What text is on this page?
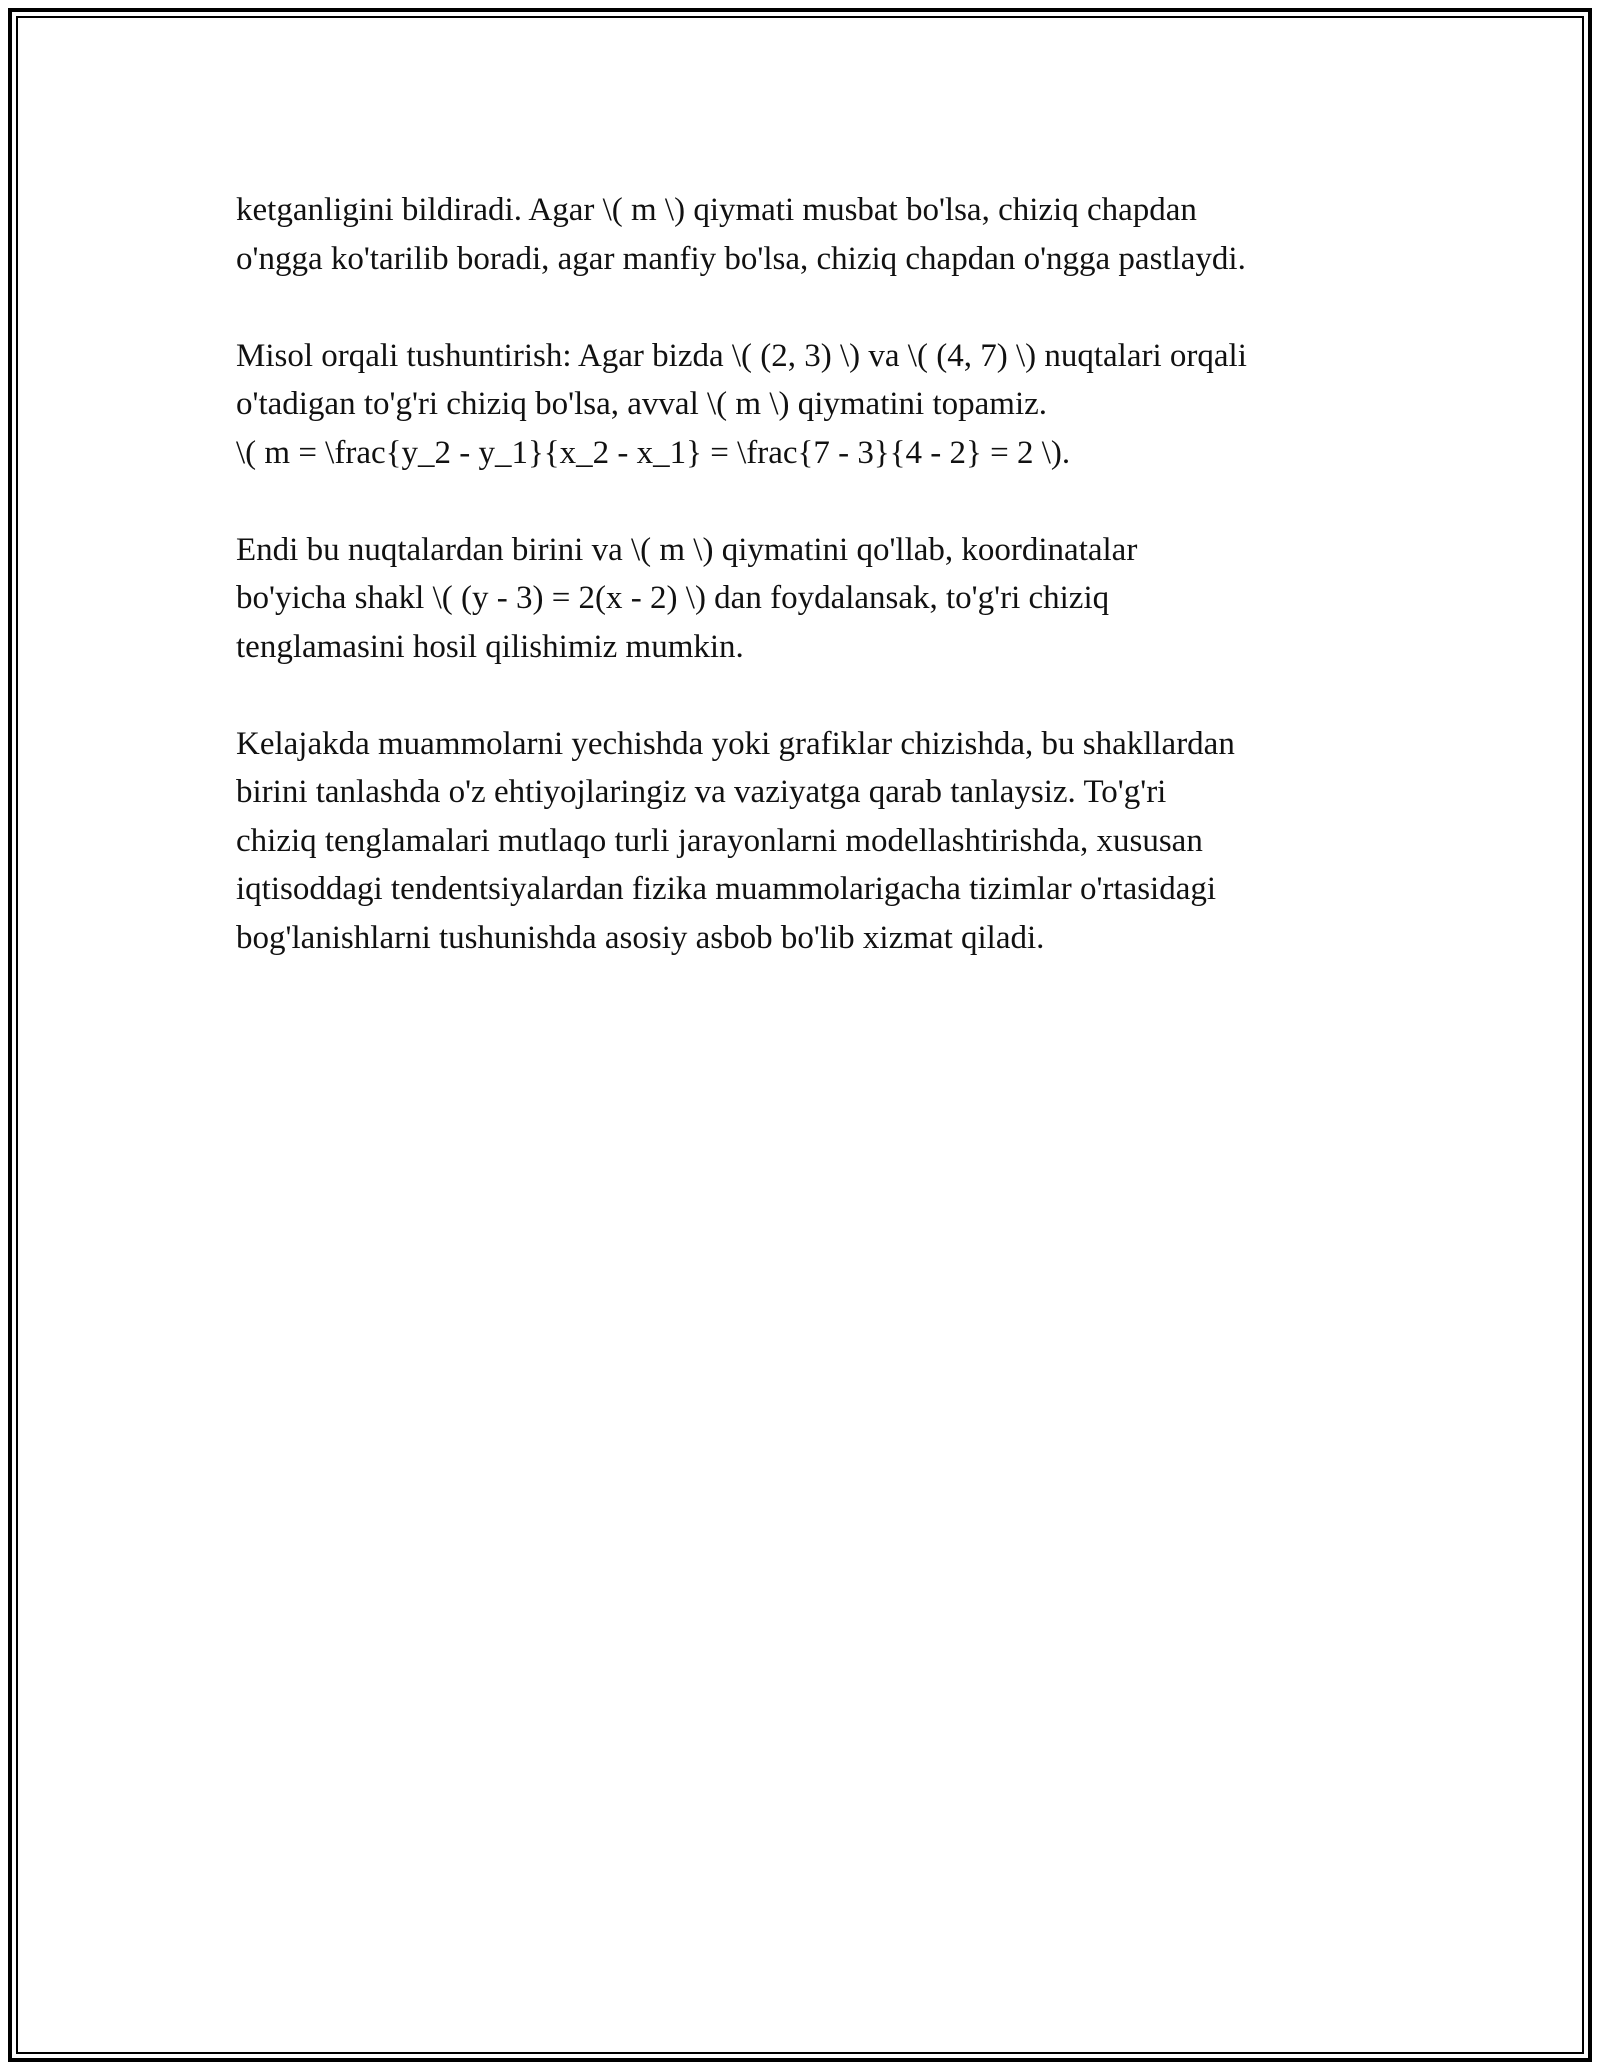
ketganligini bildiradi. Agar \( m \) qiymati musbat bo'lsa, chiziq chapdan
o'ngga ko'tarilib boradi, agar manfiy bo'lsa, chiziq chapdan o'ngga pastlaydi.

Misol orqali tushuntirish: Agar bizda \( (2, 3) \) va \( (4, 7) \) nuqtalari orqali
o'tadigan to'g'ri chiziq bo'lsa, avval \( m \) qiymatini topamiz.
\( m = \frac{y_2 - y_1}{x_2 - x_1} = \frac{7 - 3}{4 - 2} = 2 \).

Endi bu nuqtalardan birini va \( m \) qiymatini qo'llab, koordinatalar
bo'yicha shakl \( (y - 3) = 2(x - 2) \) dan foydalansak, to'g'ri chiziq
tenglamasini hosil qilishimiz mumkin.

Kelajakda muammolarni yechishda yoki grafiklar chizishda, bu shakllardan
birini tanlashda o'z ehtiyojlaringiz va vaziyatga qarab tanlaysiz. To'g'ri
chiziq tenglamalari mutlaqo turli jarayonlarni modellashtirishda, xususan
iqtisoddagi tendentsiyalardan fizika muammolarigacha tizimlar o'rtasidagi
bog'lanishlarni tushunishda asosiy asbob bo'lib xizmat qiladi.
